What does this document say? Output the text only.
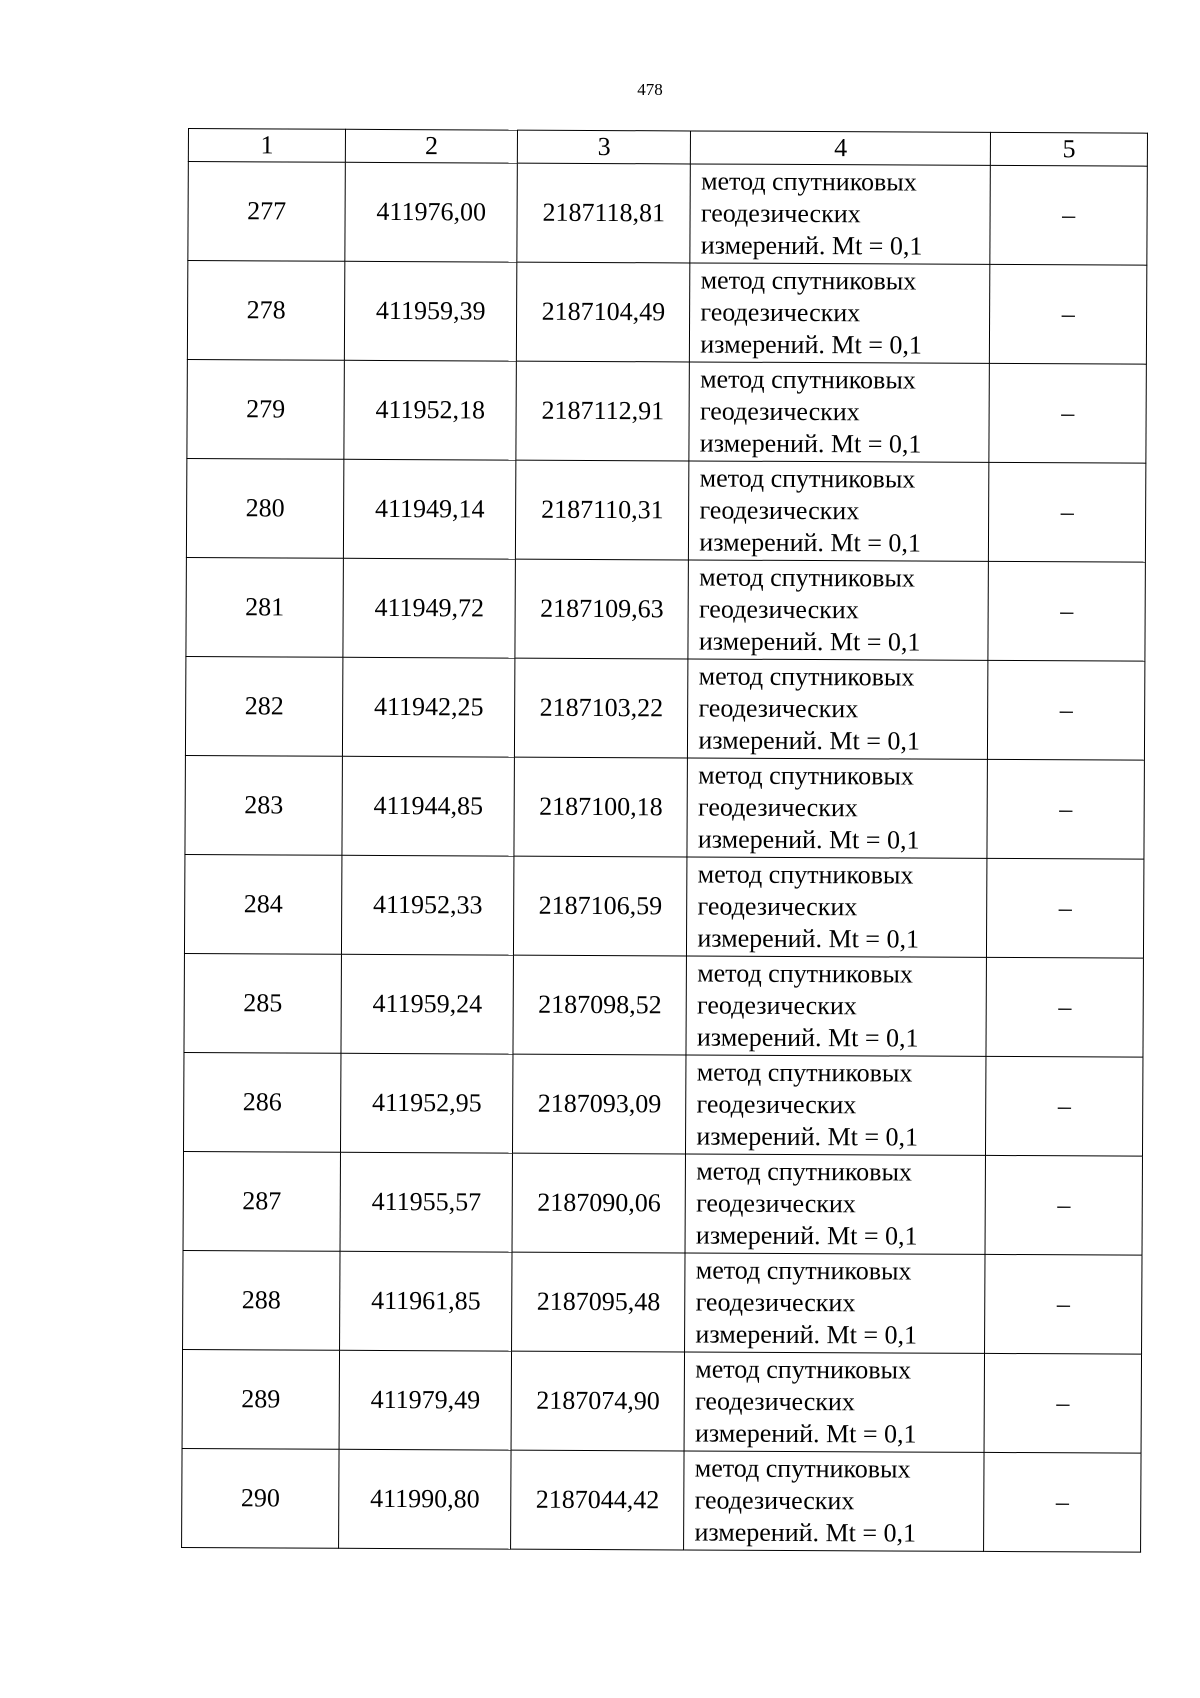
478
1	2	3	4	5
277	411976,00	2187118,81	метод спутниковых
геодезических
измерений. Mt = 0,1	–
278	411959,39	2187104,49	метод спутниковых
геодезических
измерений. Mt = 0,1	–
279	411952,18	2187112,91	метод спутниковых
геодезических
измерений. Mt = 0,1	–
280	411949,14	2187110,31	метод спутниковых
геодезических
измерений. Mt = 0,1	–
281	411949,72	2187109,63	метод спутниковых
геодезических
измерений. Mt = 0,1	–
282	411942,25	2187103,22	метод спутниковых
геодезических
измерений. Mt = 0,1	–
283	411944,85	2187100,18	метод спутниковых
геодезических
измерений. Mt = 0,1	–
284	411952,33	2187106,59	метод спутниковых
геодезических
измерений. Mt = 0,1	–
285	411959,24	2187098,52	метод спутниковых
геодезических
измерений. Mt = 0,1	–
286	411952,95	2187093,09	метод спутниковых
геодезических
измерений. Mt = 0,1	–
287	411955,57	2187090,06	метод спутниковых
геодезических
измерений. Mt = 0,1	–
288	411961,85	2187095,48	метод спутниковых
геодезических
измерений. Mt = 0,1	–
289	411979,49	2187074,90	метод спутниковых
геодезических
измерений. Mt = 0,1	–
290	411990,80	2187044,42	метод спутниковых
геодезических
измерений. Mt = 0,1	–
